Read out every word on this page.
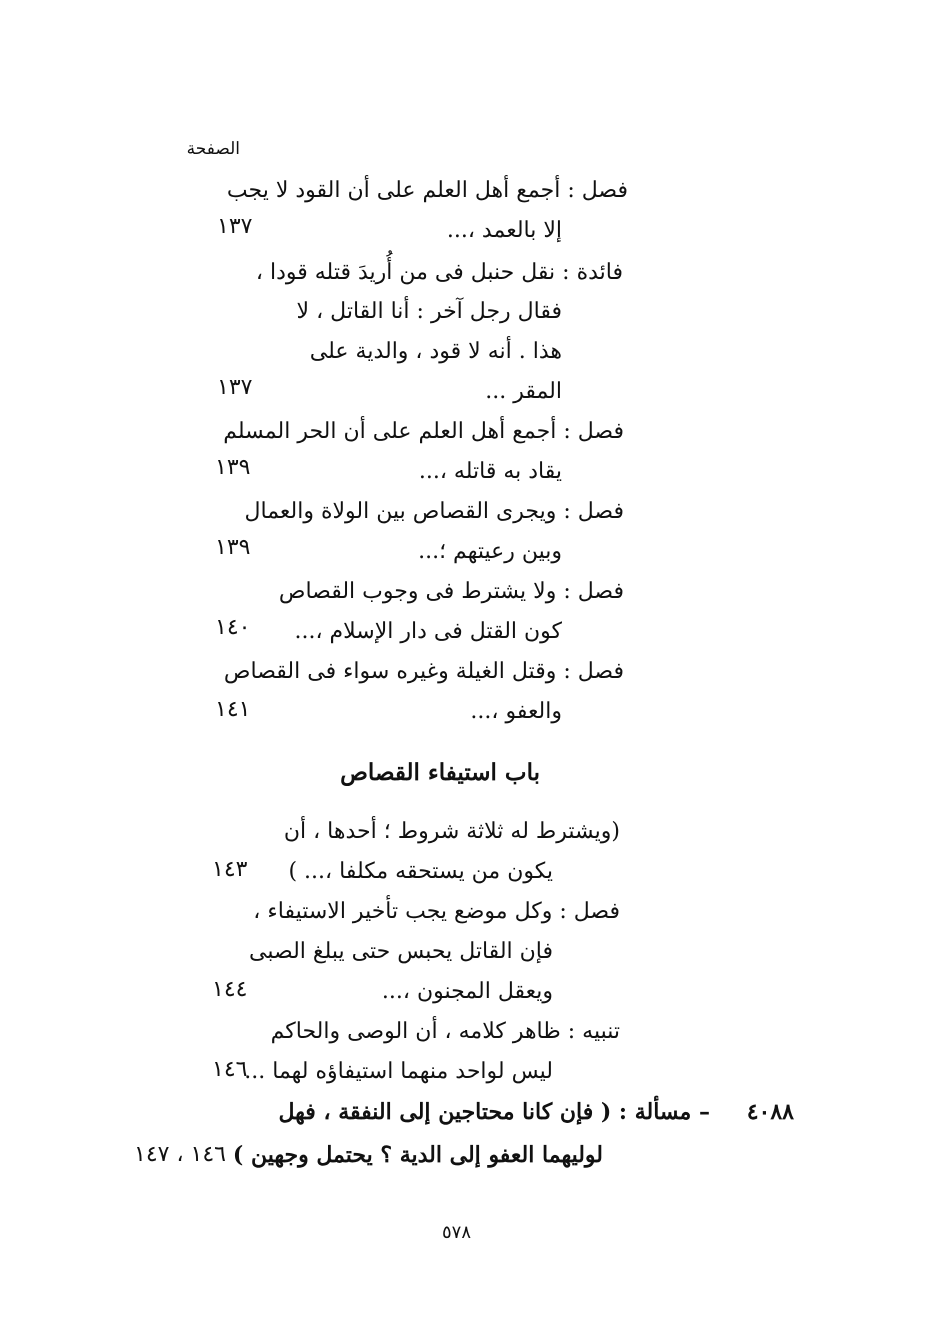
الصفحة
فصل : أجمع أهل العلم على أن القود لا يجب
إلا بالعمد ،...
١٣٧
فائدة : نقل حنبل فى من أُريدَ قتله قودا ،
فقال رجل آخر : أنا القاتل ، لا
هذا . أنه لا قود ، والدية على
المقر ...
١٣٧
فصل : أجمع أهل العلم على أن الحر المسلم
يقاد به قاتله ،...
١٣٩
فصل : ويجرى القصاص بين الولاة والعمال
وبين رعيتهم ؛...
١٣٩
فصل : ولا يشترط فى وجوب القصاص
كون القتل فى دار الإسلام ،...
١٤٠
فصل : وقتل الغيلة وغيره سواء فى القصاص
والعفو ،...
١٤١
باب استيفاء القصاص
(ويشترط له ثلاثة شروط ؛ أحدها ، أن
يكون من يستحقه مكلفا ،... )
١٤٣
فصل : وكل موضع يجب تأخير الاستيفاء ،
فإن القاتل يحبس حتى يبلغ الصبى
ويعقل المجنون ،...
١٤٤
تنبيه : ظاهر كلامه ، أن الوصى والحاكم
ليس لواحد منهما استيفاؤه لهما ...
١٤٦
٤٠٨٨
– مسألة : ( فإن كانا محتاجين إلى النفقة ، فهل
لوليهما العفو إلى الدية ؟ يحتمل وجهين )
١٤٦ ، ١٤٧
٥٧٨
